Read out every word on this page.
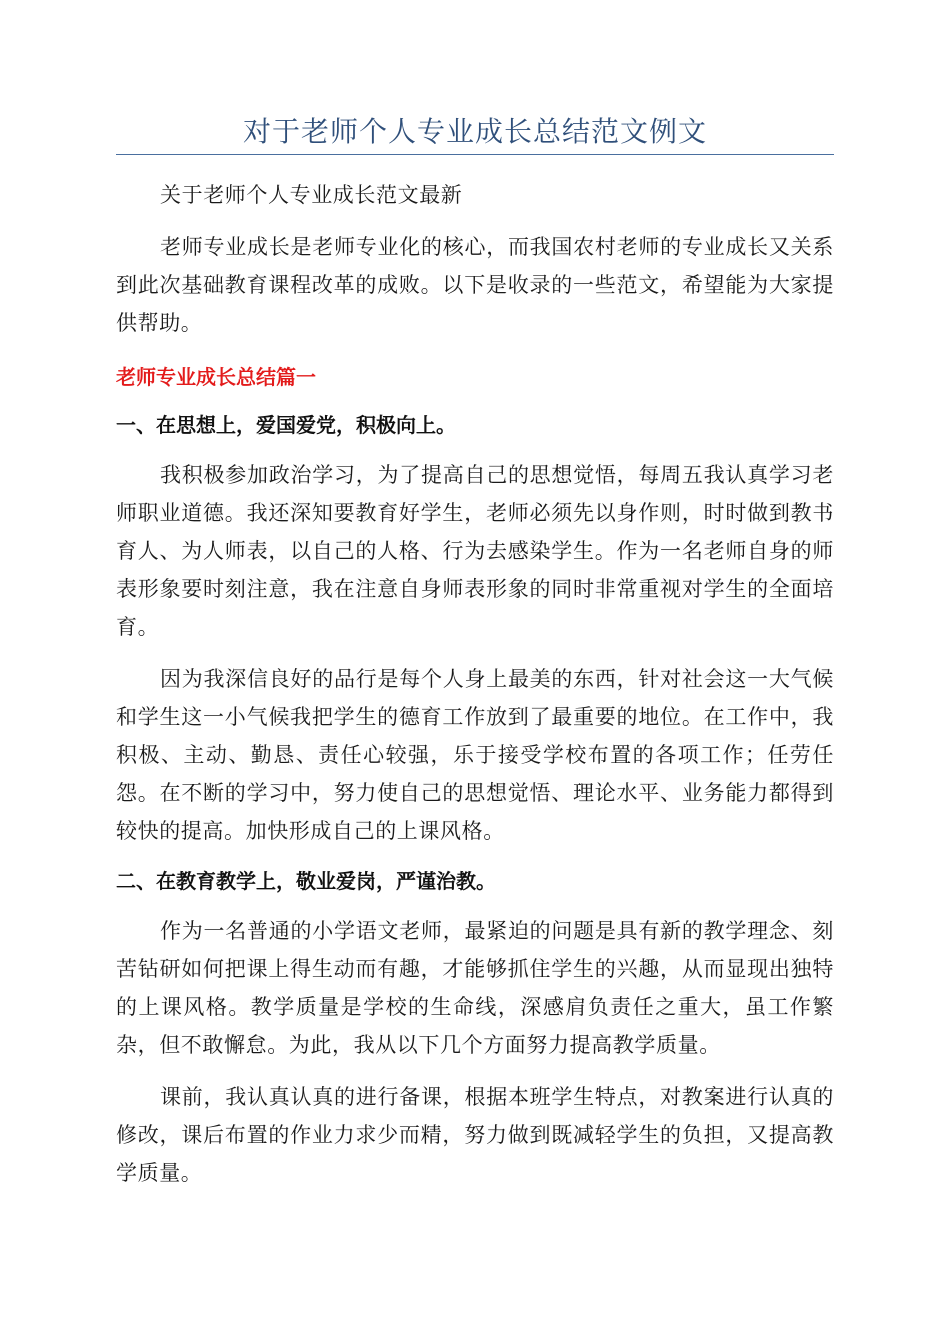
对于老师个人专业成长总结范文例文

关于老师个人专业成长范文最新

老师专业成长是老师专业化的核心，而我国农村老师的专业成长又关系到此次基础教育课程改革的成败。以下是收录的一些范文，希望能为大家提供帮助。

老师专业成长总结篇一

一、在思想上，爱国爱党，积极向上。

我积极参加政治学习，为了提高自己的思想觉悟，每周五我认真学习老师职业道德。我还深知要教育好学生，老师必须先以身作则，时时做到教书育人、为人师表，以自己的人格、行为去感染学生。作为一名老师自身的师表形象要时刻注意，我在注意自身师表形象的同时非常重视对学生的全面培育。

因为我深信良好的品行是每个人身上最美的东西，针对社会这一大气候和学生这一小气候我把学生的德育工作放到了最重要的地位。在工作中，我积极、主动、勤恳、责任心较强，乐于接受学校布置的各项工作；任劳任怨。在不断的学习中，努力使自己的思想觉悟、理论水平、业务能力都得到较快的提高。加快形成自己的上课风格。

二、在教育教学上，敬业爱岗，严谨治教。

作为一名普通的小学语文老师，最紧迫的问题是具有新的教学理念、刻苦钻研如何把课上得生动而有趣，才能够抓住学生的兴趣，从而显现出独特的上课风格。教学质量是学校的生命线，深感肩负责任之重大，虽工作繁杂，但不敢懈怠。为此，我从以下几个方面努力提高教学质量。

课前，我认真认真的进行备课，根据本班学生特点，对教案进行认真的修改，课后布置的作业力求少而精，努力做到既减轻学生的负担，又提高教学质量。
